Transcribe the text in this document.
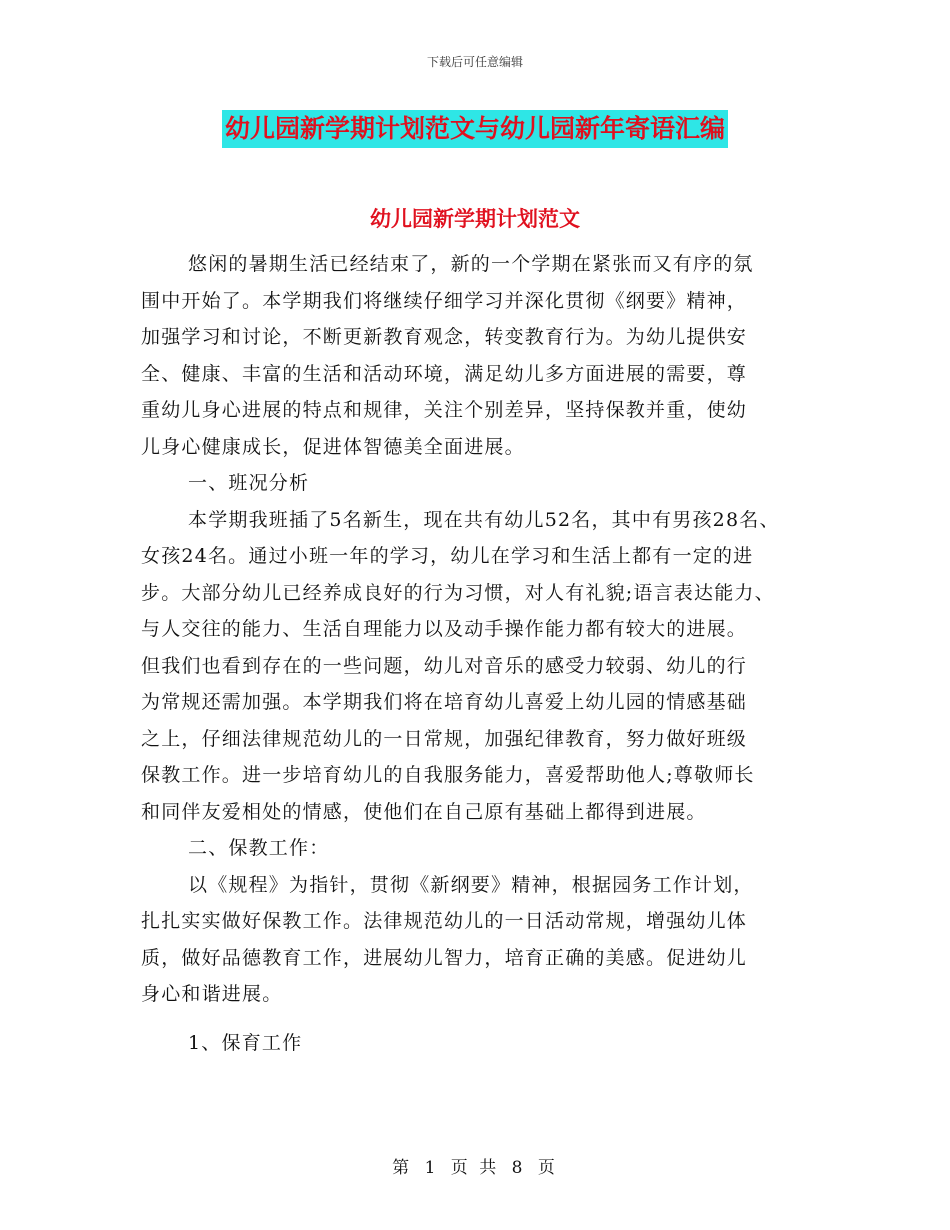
下载后可任意编辑
幼儿园新学期计划范文与幼儿园新年寄语汇编
幼儿园新学期计划范文
悠闲的暑期生活已经结束了，新的一个学期在紧张而又有序的氛
围中开始了。本学期我们将继续仔细学习并深化贯彻《纲要》精神，
加强学习和讨论，不断更新教育观念，转变教育行为。为幼儿提供安
全、健康、丰富的生活和活动环境，满足幼儿多方面进展的需要，尊
重幼儿身心进展的特点和规律，关注个别差异，坚持保教并重，使幼
儿身心健康成长，促进体智德美全面进展。
一、班况分析
本学期我班插了5名新生，现在共有幼儿52名，其中有男孩28名、
女孩24名。通过小班一年的学习，幼儿在学习和生活上都有一定的进
步。大部分幼儿已经养成良好的行为习惯，对人有礼貌;语言表达能力、
与人交往的能力、生活自理能力以及动手操作能力都有较大的进展。
但我们也看到存在的一些问题，幼儿对音乐的感受力较弱、幼儿的行
为常规还需加强。本学期我们将在培育幼儿喜爱上幼儿园的情感基础
之上，仔细法律规范幼儿的一日常规，加强纪律教育，努力做好班级
保教工作。进一步培育幼儿的自我服务能力，喜爱帮助他人;尊敬师长
和同伴友爱相处的情感，使他们在自己原有基础上都得到进展。
二、保教工作：
以《规程》为指针，贯彻《新纲要》精神，根据园务工作计划，
扎扎实实做好保教工作。法律规范幼儿的一日活动常规，增强幼儿体
质，做好品德教育工作，进展幼儿智力，培育正确的美感。促进幼儿
身心和谐进展。
1、保育工作
第 1 页 共 8 页
